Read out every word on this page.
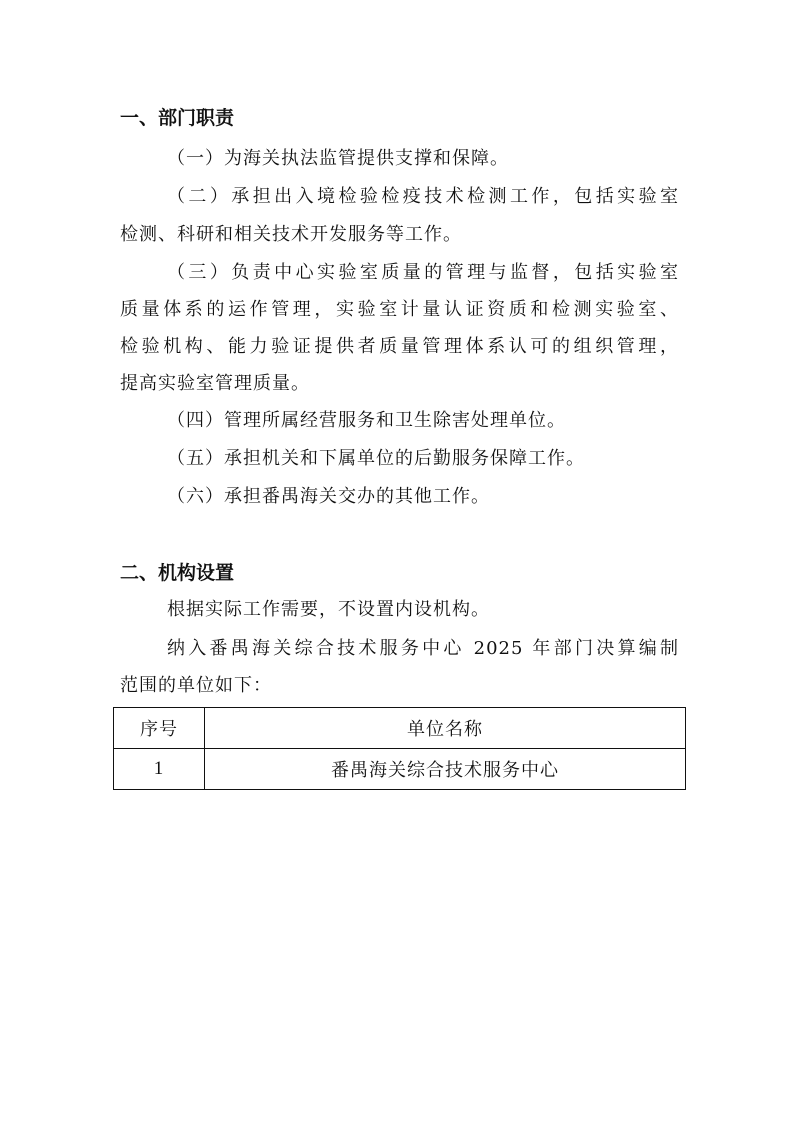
一、部门职责
（一）为海关执法监管提供支撑和保障。
（二）承担出入境检验检疫技术检测工作，包括实验室
检测、科研和相关技术开发服务等工作。
（三）负责中心实验室质量的管理与监督，包括实验室
质量体系的运作管理，实验室计量认证资质和检测实验室、
检验机构、能力验证提供者质量管理体系认可的组织管理，
提高实验室管理质量。
（四）管理所属经营服务和卫生除害处理单位。
（五）承担机关和下属单位的后勤服务保障工作。
（六）承担番禺海关交办的其他工作。
二、机构设置
根据实际工作需要，不设置内设机构。
纳入番禺海关综合技术服务中心 2025 年部门决算编制
范围的单位如下：
序号	单位名称
1	番禺海关综合技术服务中心
